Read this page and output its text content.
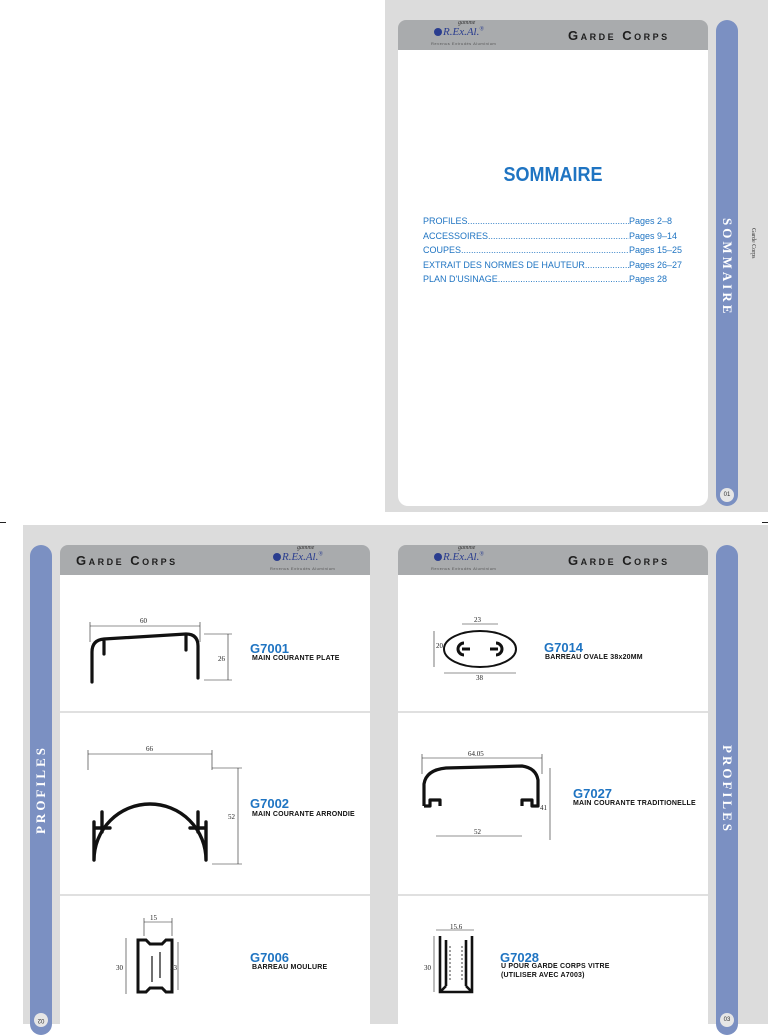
gamme
R.Ex.Al.®
Revenus Extrudés Aluminium
Garde Corps
SOMMAIRE
01
Garde Corps
SOMMAIRE
PROFILES .....	Pages 2–8
ACCESSOIRES .....	Pages 9–14
COUPES .....	Pages 15–25
EXTRAIT DES NORMES DE HAUTEUR .....	Pages 26–27
PLAN D'USINAGE .....	Pages 28
Garde Corps
gamme
R.Ex.Al.®
Revenus Extrudés Aluminium
PROFILES
02
60
26
G7001
MAIN COURANTE PLATE
66
52
G7002
MAIN COURANTE ARRONDIE
15
30	23
G7006
BARREAU MOULURE
gamme
R.Ex.Al.®
Revenus Extrudés Aluminium
Garde Corps
PROFILES
03
23
20
38
G7014
BARREAU OVALE 38x20MM
64.05
52
41
G7027
MAIN COURANTE TRADITIONELLE
15.6
30
G7028
U POUR GARDE CORPS VITRE
(UTILISER AVEC A7003)
